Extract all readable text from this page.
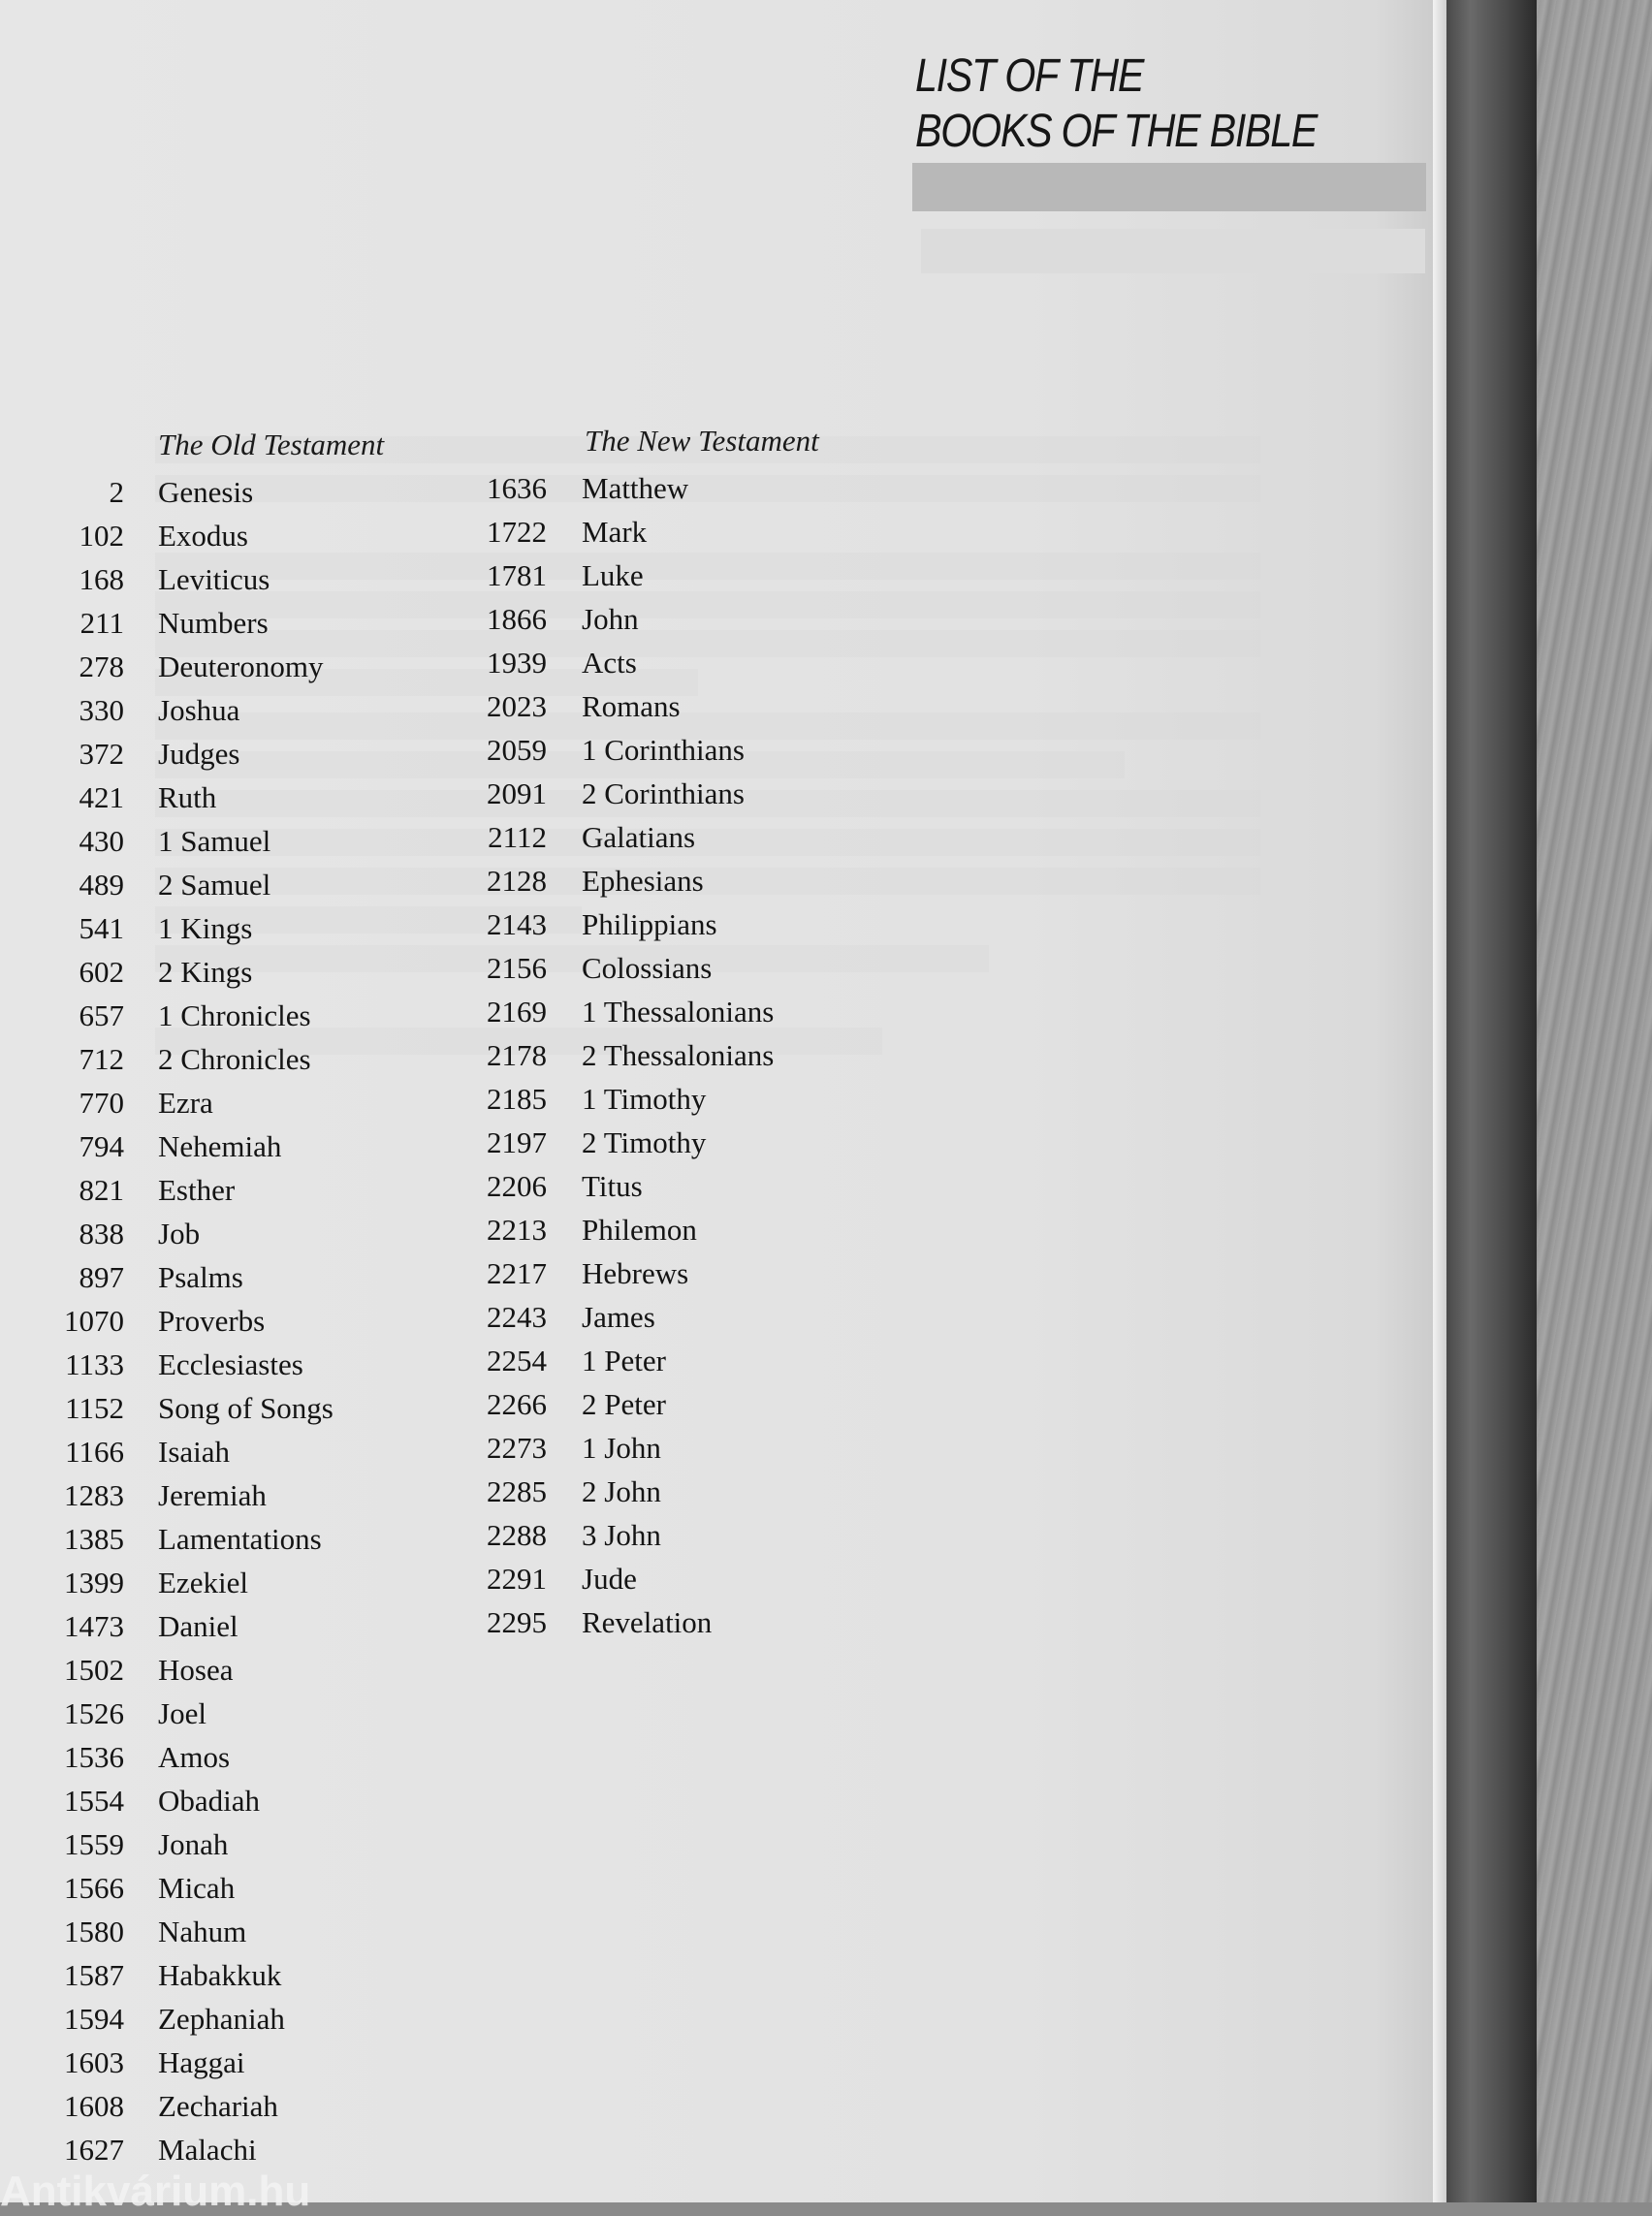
LIST OF THE
BOOKS OF THE BIBLE
The Old Testament	The New Testament
2 Genesis
102 Exodus
168 Leviticus
211 Numbers
278 Deuteronomy
330 Joshua
372 Judges
421 Ruth
430 1 Samuel
489 2 Samuel
541 1 Kings
602 2 Kings
657 1 Chronicles
712 2 Chronicles
770 Ezra
794 Nehemiah
821 Esther
838 Job
897 Psalms
1070 Proverbs
1133 Ecclesiastes
1152 Song of Songs
1166 Isaiah
1283 Jeremiah
1385 Lamentations
1399 Ezekiel
1473 Daniel
1502 Hosea
1526 Joel
1536 Amos
1554 Obadiah
1559 Jonah
1566 Micah
1580 Nahum
1587 Habakkuk
1594 Zephaniah
1603 Haggai
1608 Zechariah
1627 Malachi
1636 Matthew
1722 Mark
1781 Luke
1866 John
1939 Acts
2023 Romans
2059 1 Corinthians
2091 2 Corinthians
2112 Galatians
2128 Ephesians
2143 Philippians
2156 Colossians
2169 1 Thessalonians
2178 2 Thessalonians
2185 1 Timothy
2197 2 Timothy
2206 Titus
2213 Philemon
2217 Hebrews
2243 James
2254 1 Peter
2266 2 Peter
2273 1 John
2285 2 John
2288 3 John
2291 Jude
2295 Revelation
Antikvárium.hu
